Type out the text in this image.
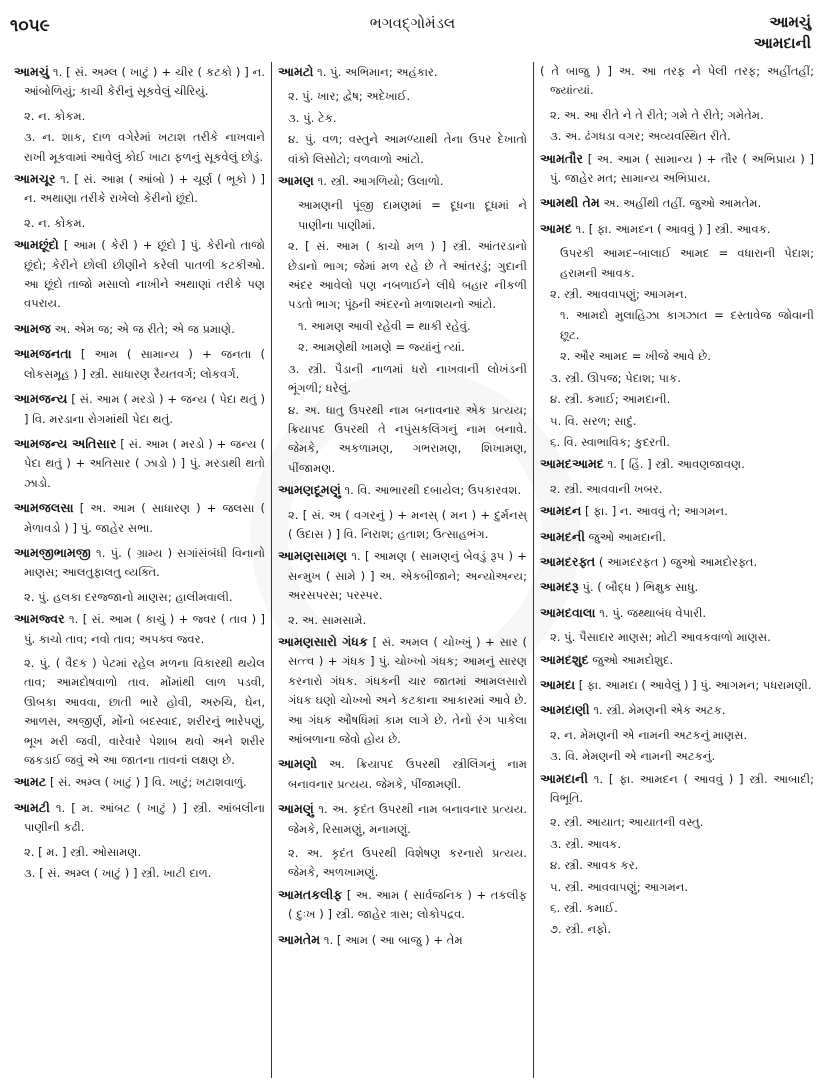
૧૦૫૯	ભગવદ્ગોમંડલ	આમચું
આમદાની
આમચું ૧. [ સં. અમ્લ ( ખાટું ) + ચીર ( કટકો ) ] ન. આંબોળિયું; કાચી કેરીનું સૂકવેલું ચીરિયું.
૨. ન. કોકમ.
૩. ન. શાક, દાળ વગેરેમાં ખટાશ તરીકે નાખવાને રાખી મૂકવામાં આવેલું કોઈ ખાટા ફળનું સૂકવેલું છોડું.
આમચૂર ૧. [ સં. આમ્ર ( આંબો ) + ચૂર્ણ ( ભૂકો ) ] ન. અથાણા તરીકે રાખેલો કેરીનો છૂંદો.
૨. ન. કોકમ.
આમછૂંદો [ આમ ( કેરી ) + છૂંદો ] પું. કેરીનો તાજો છૂંદો; કેરીને છોલી છીણીને કરેલી પાતળી કટકીઓ. આ છૂંદો તાજો મસાલો નાખીને અથાણાં તરીકે પણ વપરાય.
આમજ અ. એમ જ; એ જ રીતે; એ જ પ્રમાણે.
આમજનતા [ આમ ( સામાન્ય ) + જનતા ( લોકસમૂહ ) ] સ્ત્રી. સાધારણ રૈયતવર્ગ; લોકવર્ગ.
આમજન્ય [ સં. આમ ( મરડો ) + જન્ય ( પેદા થતું ) ] વિ. મરડાના રોગમાંથી પેદા થતું.
આમજન્ય અતિસાર [ સં. આમ ( મરડો ) + જન્ય ( પેદા થતું ) + અતિસાર ( ઝાડો ) ] પું. મરડાથી થતો ઝાડો.
આમજલસા [ અ. આમ ( સાધારણ ) + જલસા ( મેળાવડો ) ] પું. જાહેર સભા.
આમજીભામજી ૧. પું. ( ગ્રામ્ય ) સગાંસંબંધી વિનાનો માણસ; આલતુફાલતુ વ્યક્તિ.
૨. પું. હલકા દરજ્જાનો માણસ; હાલીમવાલી.
આમજ્વર ૧. [ સં. આમ ( કાચું ) + જ્વર ( તાવ ) ] પું. કાચો તાવ; નવો તાવ; અપક્વ જ્વર.
૨. પું. ( વૈદક ) પેટમાં રહેલ મળના વિકારથી થયેલ તાવ; આમદોષવાળો તાવ. મોંમાંથી લાળ પડવી, ઊબકા આવવા, છાતી ભારે હોવી, અરુચિ, ઘેન, આળસ, અજીર્ણ, મોંનો બદસ્વાદ, શરીરનું ભારેપણું, ભૂખ મરી જવી, વારેવારે પેશાબ થવો અને શરીર જકડાઈ જવું એ આ જાતના તાવનાં લક્ષણ છે.
આમટ [ સં. અમ્લ ( ખાટું ) ] વિ. ખાટું; ખટાશવાળું.
આમટી ૧. [ મ. આંબટ ( ખાટું ) ] સ્ત્રી. આંબલીના પાણીની કઢી.
૨. [ મ. ] સ્ત્રી. ઓસામણ.
૩. [ સં. અમ્લ ( ખાટું ) ] સ્ત્રી. ખાટી દાળ.
આમટો ૧. પું. અભિમાન; અહંકાર.
૨. પું. ખાર; દ્વેષ; અદેખાઈ.
૩. પું. ટેક.
૪. પું. વળ; વસ્તુને આમળ્યાથી તેના ઉપર દેખાતો વાંકો લિસોટો; વળવાળો આંટો.
આમણ ૧. સ્ત્રી. આગળિયો; ઉલાળો.
આમણની પૂંજી દામણમાં = દૂધના દૂધમાં ને પાણીના પાણીમાં.
૨. [ સં. આમ ( કાચો મળ ) ] સ્ત્રી. આંતરડાનો છેડાનો ભાગ; જેમાં મળ રહે છે તે આંતરડું; ગુદાની અંદર આવેલો પણ નબળાઈને લીધે બહાર નીકળી પડતો ભાગ; પૂંઠની અંદરનો મળાશયનો આંટો.
૧. આમણ આવી રહેવી = થાકી રહેવું.
૨. આમણેથી ખામણે = જ્યાંનું ત્યાં.
૩. સ્ત્રી. પૈડાની નાળમાં ધરો નાખવાની લોખંડની ભૂંગળી; ધરેલું.
૪. અ. ધાતુ ઉપરથી નામ બનાવનાર એક પ્રત્યય; ક્રિયાપદ ઉપરથી તે નપુંસકલિંગનું નામ બનાવે. જેમકે, અકળામણ, ગભરામણ, શિખામણ, પીંજામણ.
આમણદૂમણું ૧. વિ. આભારથી દબાયેલ; ઉપકારવશ.
૨. [ સં. અ ( વગરનું ) + મનસ્ ( મન ) + દુર્મનસ્ ( ઉદાસ ) ] વિ. નિરાશ; હતાશ; ઉત્સાહભંગ.
આમણસામણ ૧. [ આમણ ( સામણનું બેવડું રૂપ ) + સન્મુખ ( સામે ) ] અ. એકબીજાને; અન્યોઅન્ય; અરસપરસ; પરસ્પર.
૨. અ. સામસામે.
આમણસારો ગંધક [ સં. અમલ ( ચોખ્ખું ) + સાર ( સત્ત્વ ) + ગંધક ] પું. ચોખ્ખો ગંધક; આમનું સારણ કરનારો ગંધક. ગંધકની ચાર જાતમાં આમલસારો ગંધક ઘણો ચોખ્ખો અને કટકાના આકારમાં આવે છે. આ ગંધક ઔષધિમાં કામ લાગે છે. તેનો રંગ પાકેલા આંબળાના જેવો હોય છે.
આમણો અ. ક્રિયાપદ ઉપરથી સ્ત્રીલિંગનું નામ બનાવનાર પ્રત્યય. જેમકે, પીંજામણી.
આમણું ૧. અ. કૃદંત ઉપરથી નામ બનાવનાર પ્રત્યય. જેમકે, રિસામણું, મનામણું.
૨. અ. કૃદંત ઉપરથી વિશેષણ કરનારો પ્રત્યય. જેમકે, અળખામણું.
આમતકલીફ [ અ. આમ ( સાર્વજનિક ) + તકલીફ ( દુઃખ ) ] સ્ત્રી. જાહેર ત્રાસ; લોકોપદ્રવ.
આમતેમ ૧. [ આમ ( આ બાજુ ) + તેમ
( તે બાજુ ) ] અ. આ તરફ ને પેલી તરફ; અહીંતહીં; જ્યાંત્યાં.
૨. અ. આ રીતે ને તે રીતે; ગમે તે રીતે; ગમેતેમ.
૩. અ. ઢંગધડા વગર; અવ્યવસ્થિત રીતે.
આમતૌર [ અ. આમ ( સામાન્ય ) + તૌર ( અભિપ્રાય ) ] પું. જાહેર મત; સામાન્ય અભિપ્રાય.
આમથી તેમ અ. અહીંથી તહીં. જુઓ આમતેમ.
આમદ ૧. [ ફા. આમદન ( આવવું ) ] સ્ત્રી. આવક.
ઉપરકી આમદ–બાલાઈ આમદ = વધારાની પેદાશ; હરામની આવક.
૨. સ્ત્રી. આવવાપણું; આગમન.
૧. આમદો મુલાહિઝા કાગઝાત = દસ્તાવેજ જોવાની છૂટ.
૨. ઔર આમદ = ખીજે આવે છે.
૩. સ્ત્રી. ઊપજ; પેદાશ; પાક.
૪. સ્ત્રી. કમાઈ; આમદાની.
૫. વિ. સરળ; સાદું.
૬. વિ. સ્વાભાવિક; કુદરતી.
આમદઆમદ ૧. [ હિં. ] સ્ત્રી. આવણજાવણ.
૨. સ્ત્રી. આવવાની ખબર.
આમદન [ ફા. ] ન. આવવું તે; આગમન.
આમદની જુઓ આમદાની.
આમદરફ્ત ( આમદરફત ) જુઓ આમદોરફ્ત.
આમદરૂ પું. ( બૌદ્ધ ) ભિક્ષુક સાધુ.
આમદવાલા ૧. પું. જથ્થાબંધ વેપારી.
૨. પું. પૈસાદાર માણસ; મોટી આવકવાળો માણસ.
આમદશુદ જુઓ આમદોશુદ.
આમદા [ ફા. આમદા ( આવેલું ) ] પું. આગમન; પધરામણી.
આમદાણી ૧. સ્ત્રી. મેમણની એક અટક.
૨. ન. મેમણની એ નામની અટકનું માણસ.
૩. વિ. મેમણની એ નામની અટકનું.
આમદાની ૧. [ ફા. આમદન ( આવવું ) ] સ્ત્રી. આબાદી; વિભૂતિ.
૨. સ્ત્રી. આયાત; આયાતની વસ્તુ.
૩. સ્ત્રી. આવક.
૪. સ્ત્રી. આવક કર.
૫. સ્ત્રી. આવવાપણું; આગમન.
૬. સ્ત્રી. કમાઈ.
૭. સ્ત્રી. નફો.
